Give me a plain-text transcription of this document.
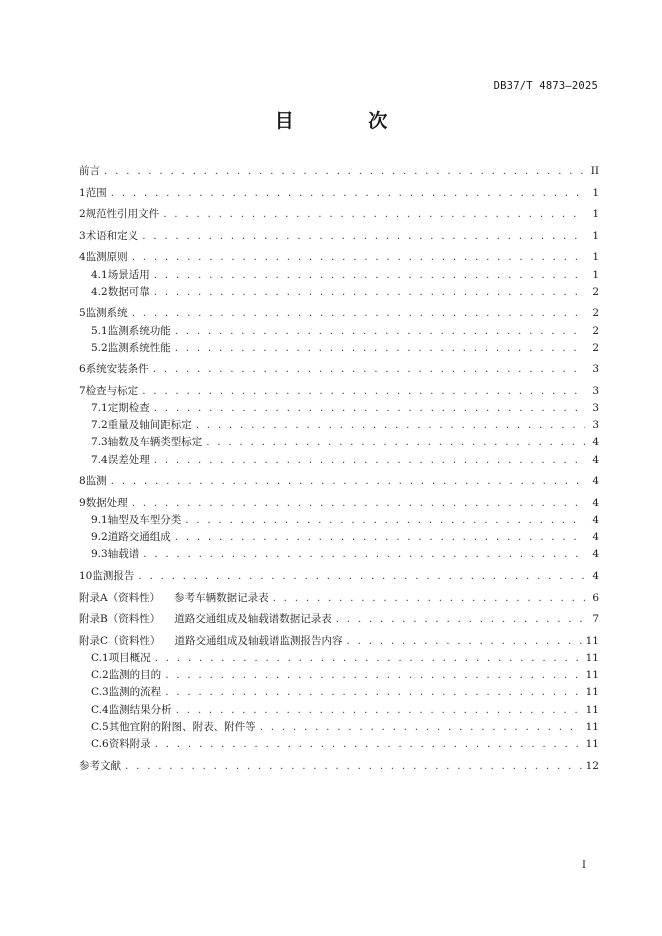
DB37/T 4873—2025
目 次
前言 . . .	II
1 范围 . . .	1
2 规范性引用文件 . . .	1
3 术语和定义 . . .	1
4 监测原则 . . .	1
4.1 场景适用 . . .	1
4.2 数据可靠 . . .	2
5 监测系统 . . .	2
5.1 监测系统功能 . . .	2
5.2 监测系统性能 . . .	2
6 系统安装条件 . . .	3
7 检查与标定 . . .	3
7.1 定期检查 . . .	3
7.2 重量及轴间距标定 . . .	3
7.3 轴数及车辆类型标定 . . .	4
7.4 误差处理 . . .	4
8 监测 . . .	4
9 数据处理 . . .	4
9.1 轴型及车型分类 . . .	4
9.2 道路交通组成 . . .	4
9.3 轴载谱 . . .	4
10 监测报告 . . .	4
附录A（资料性） 参考车辆数据记录表 . . .	6
附录B（资料性） 道路交通组成及轴载谱数据记录表 . . .	7
附录C（资料性） 道路交通组成及轴载谱监测报告内容 . . .	11
C.1 项目概况 . . .	11
C.2 监测的目的 . . .	11
C.3 监测的流程 . . .	11
C.4 监测结果分析 . . .	11
C.5 其他宜附的附图、附表、附件等 . . .	11
C.6 资料附录 . . .	11
参考文献 . . .	12
I
